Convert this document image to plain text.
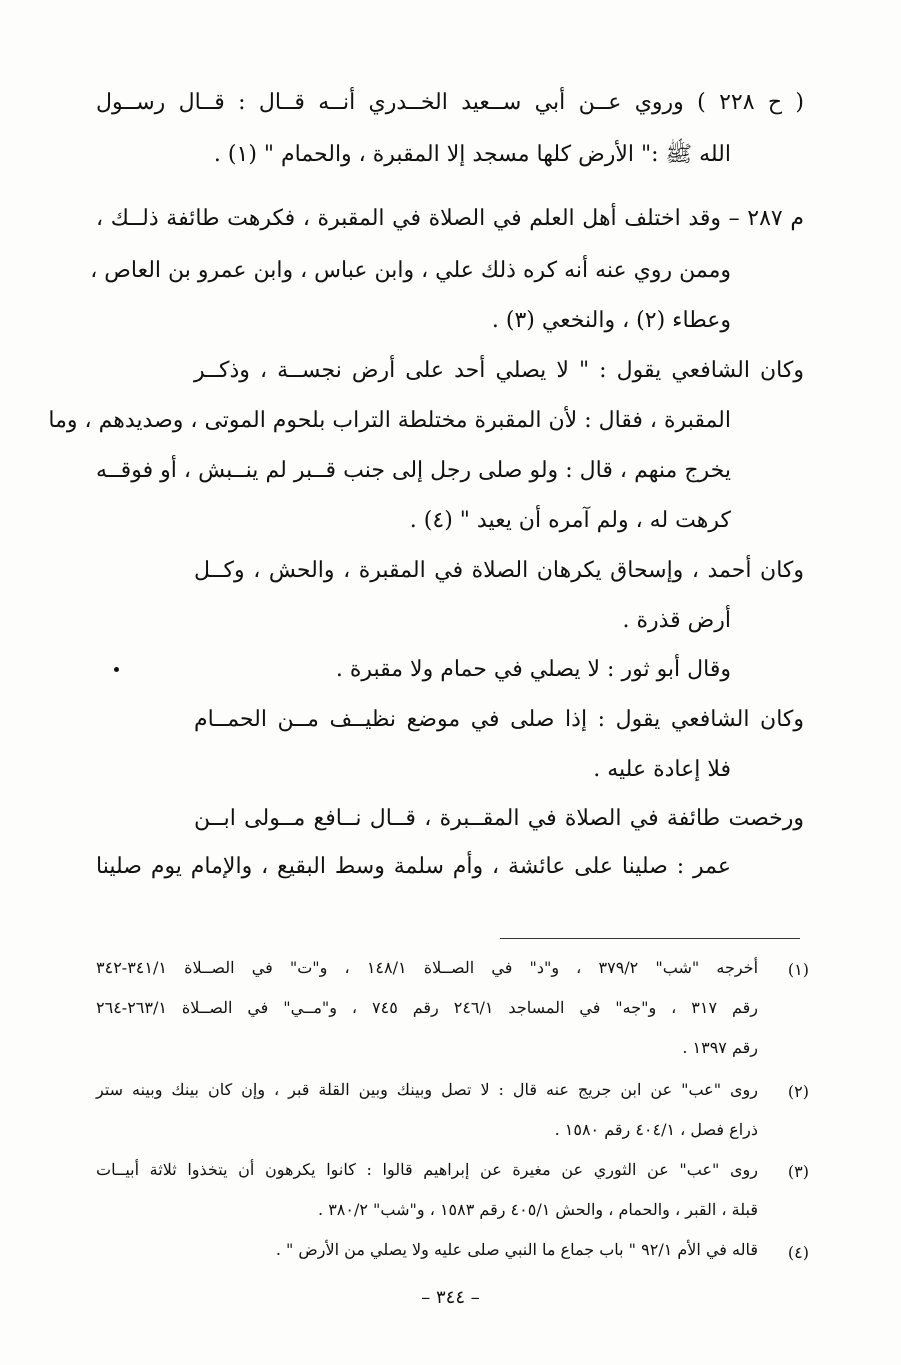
( ح ٢٢٨ ) وروي عــن أبي ســعيد الخــدري أنــه قــال : قــال رســول
الله ﷺ :" الأرض كلها مسجد إلا المقبرة ، والحمام " (١) .
م ٢٨٧ – وقد اختلف أهل العلم في الصلاة في المقبرة ، فكرهت طائفة ذلــك ،
وممن روي عنه أنه كره ذلك علي ، وابن عباس ، وابن عمرو بن العاص ،
وعطاء (٢) ، والنخعي (٣) .
وكان الشافعي يقول : " لا يصلي أحد على أرض نجســة ، وذكــر
المقبرة ، فقال : لأن المقبرة مختلطة التراب بلحوم الموتى ، وصديدهم ، وما
يخرج منهم ، قال : ولو صلى رجل إلى جنب قــبر لم ينــبش ، أو فوقــه
كرهت له ، ولم آمره أن يعيد " (٤) .
وكان أحمد ، وإسحاق يكرهان الصلاة في المقبرة ، والحش ، وكــل
أرض قذرة .
وقال أبو ثور : لا يصلي في حمام ولا مقبرة .
وكان الشافعي يقول : إذا صلى في موضع نظيــف مــن الحمــام
فلا إعادة عليه .
ورخصت طائفة في الصلاة في المقــبرة ، قــال نــافع مــولى ابــن
عمر : صلينا على عائشة ، وأم سلمة وسط البقيع ، والإمام يوم صلينا
(١)
أخرجه "شب" ٣٧٩/٢ ، و"د" في الصــلاة ١٤٨/١ ، و"ت" في الصــلاة ٣٤١/١-٣٤٢
رقم ٣١٧ ، و"جه" في المساجد ٢٤٦/١ رقم ٧٤٥ ، و"مــي" في الصــلاة ٢٦٣/١-٢٦٤
رقم ١٣٩٧ .
(٢)
روى "عب" عن ابن جريج عنه قال : لا تصل وبينك وبين القلة قبر ، وإن كان بينك وبينه ستر
ذراع فصل ، ٤٠٤/١ رقم ١٥٨٠ .
(٣)
روى "عب" عن الثوري عن مغيرة عن إبراهيم قالوا : كانوا يكرهون أن يتخذوا ثلاثة أبيــات
قبلة ، القبر ، والحمام ، والحش ٤٠٥/١ رقم ١٥٨٣ ، و"شب" ٣٨٠/٢ .
(٤)
قاله في الأم ٩٢/١ " باب جماع ما النبي صلى عليه ولا يصلي من الأرض " .
– ٣٤٤ –
